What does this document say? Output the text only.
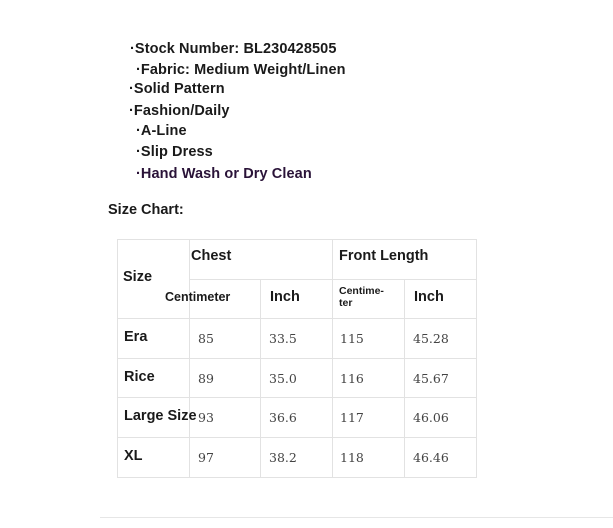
·Stock Number: BL230428505
·Fabric: Medium Weight/Linen
·Solid Pattern
·Fashion/Daily
·A-Line
·Slip Dress
·Hand Wash or Dry Clean
Size Chart:
Size
Chest	Front Length
Centimeter	Inch	Centime-ter	Inch
Era	85	33.5	115	45.28
Rice	89	35.0	116	45.67
Large Size 93	36.6	117	46.06
XL	97	38.2	118	46.46
